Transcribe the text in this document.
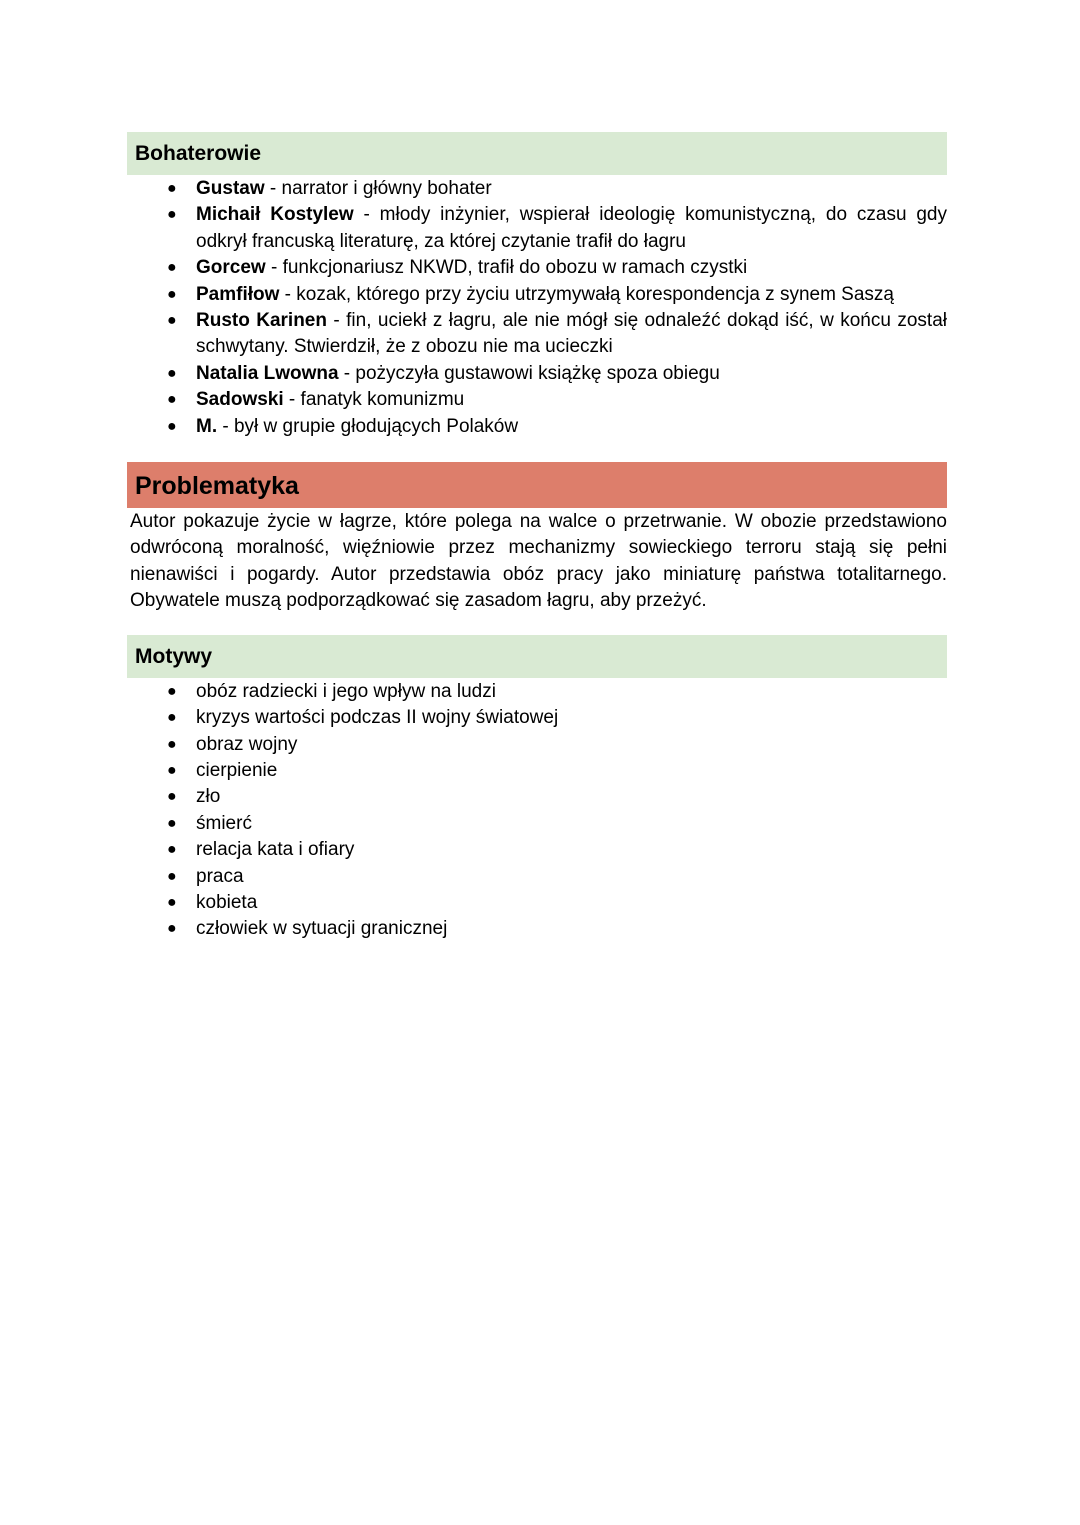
Bohaterowie
● Gustaw - narrator i główny bohater
● Michaił Kostylew - młody inżynier, wspierał ideologię komunistyczną, do czasu gdy odkrył francuską literaturę, za której czytanie trafił do łagru
● Gorcew - funkcjonariusz NKWD, trafił do obozu w ramach czystki
● Pamfiłow - kozak, którego przy życiu utrzymywałą korespondencja z synem Saszą
● Rusto Karinen - fin, uciekł z łagru, ale nie mógł się odnaleźć dokąd iść, w końcu został schwytany. Stwierdził, że z obozu nie ma ucieczki
● Natalia Lwowna - pożyczyła gustawowi książkę spoza obiegu
● Sadowski - fanatyk komunizmu
● M. - był w grupie głodujących Polaków
Problematyka

Autor pokazuje życie w łagrze, które polega na walce o przetrwanie. W obozie przedstawiono odwróconą moralność, więźniowie przez mechanizmy sowieckiego terroru stają się pełni nienawiści i pogardy. Autor przedstawia obóz pracy jako miniaturę państwa totalitarnego. Obywatele muszą podporządkować się zasadom łagru, aby przeżyć.

Motywy
● obóz radziecki i jego wpływ na ludzi
● kryzys wartości podczas II wojny światowej
● obraz wojny
● cierpienie
● zło
● śmierć
● relacja kata i ofiary
● praca
● kobieta
● człowiek w sytuacji granicznej
